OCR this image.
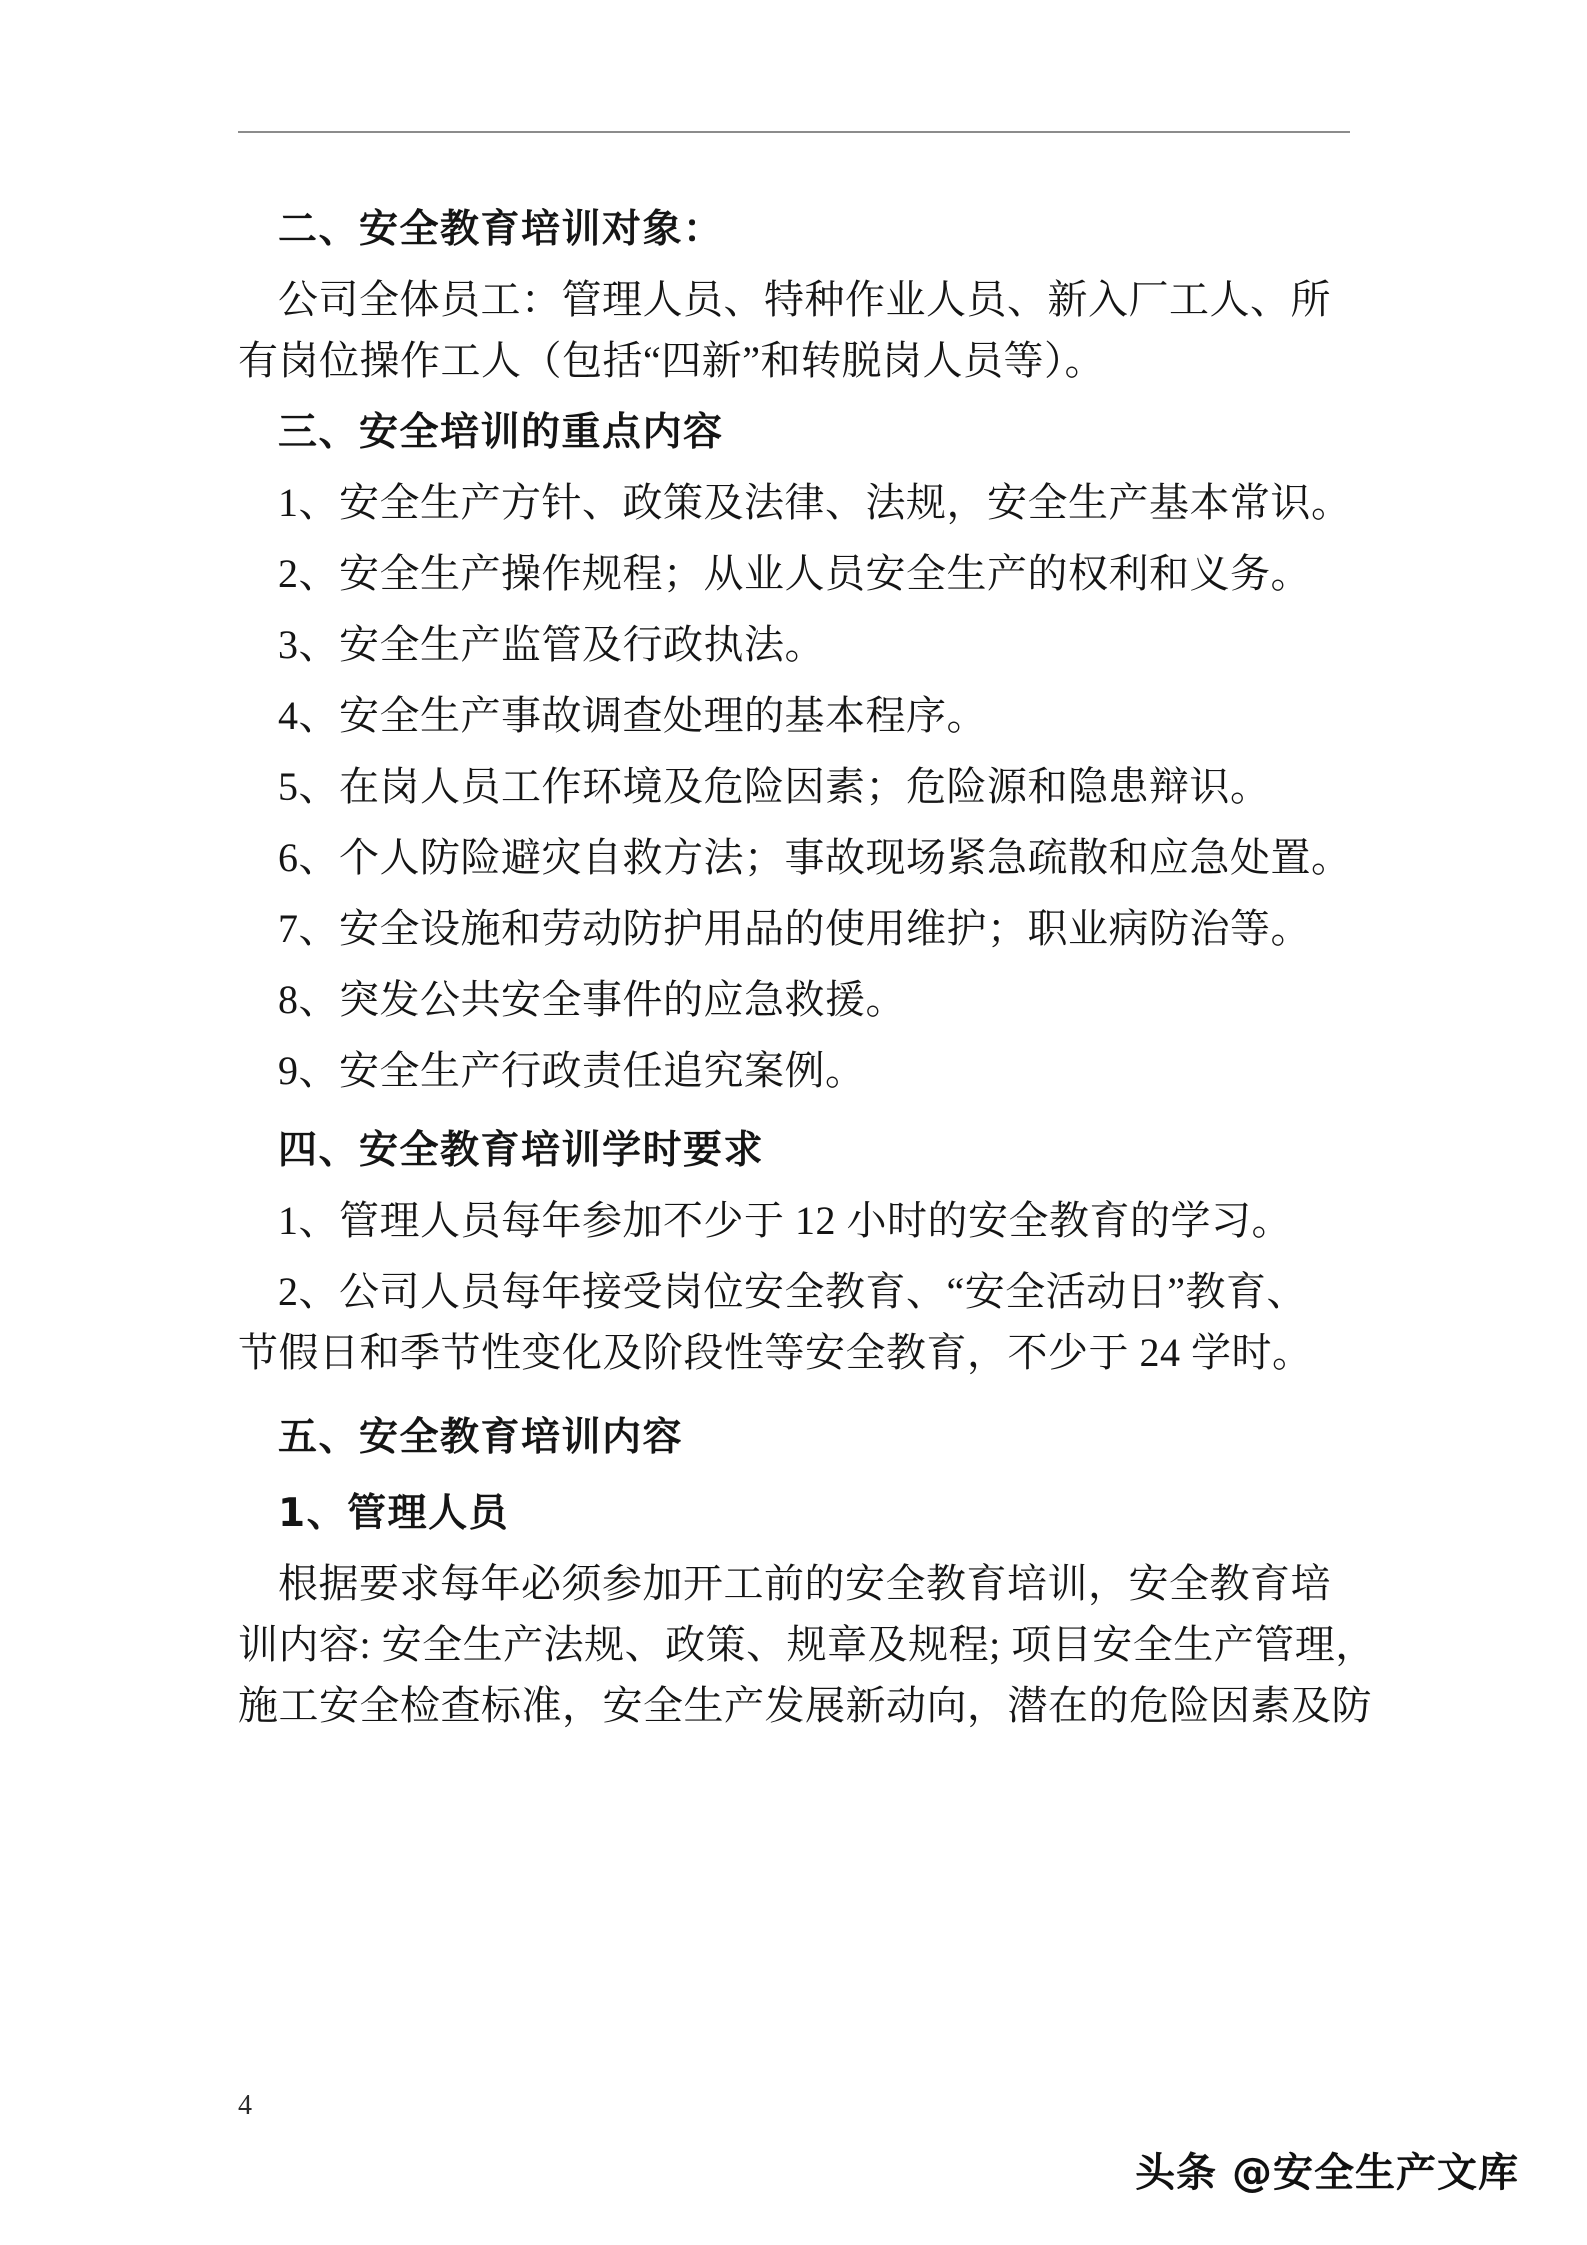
二、安全教育培训对象：
公司全体员工：管理人员、特种作业人员、新入厂工人、所
有岗位操作工人（包括“四新”和转脱岗人员等）。
三、安全培训的重点内容
1、安全生产方针、政策及法律、法规，安全生产基本常识。
2、安全生产操作规程；从业人员安全生产的权利和义务。
3、安全生产监管及行政执法。
4、安全生产事故调查处理的基本程序。
5、在岗人员工作环境及危险因素；危险源和隐患辩识。
6、个人防险避灾自救方法；事故现场紧急疏散和应急处置。
7、安全设施和劳动防护用品的使用维护；职业病防治等。
8、突发公共安全事件的应急救援。
9、安全生产行政责任追究案例。
四、安全教育培训学时要求
1、管理人员每年参加不少于 12 小时的安全教育的学习。
2、公司人员每年接受岗位安全教育、“安全活动日”教育、
节假日和季节性变化及阶段性等安全教育，不少于 24 学时。
五、安全教育培训内容
1、管理人员
根据要求每年必须参加开工前的安全教育培训，安全教育培
训内容: 安全生产法规、政策、规章及规程; 项目安全生产管理，
施工安全检查标准，安全生产发展新动向，潜在的危险因素及防
4
头条 @安全生产文库
